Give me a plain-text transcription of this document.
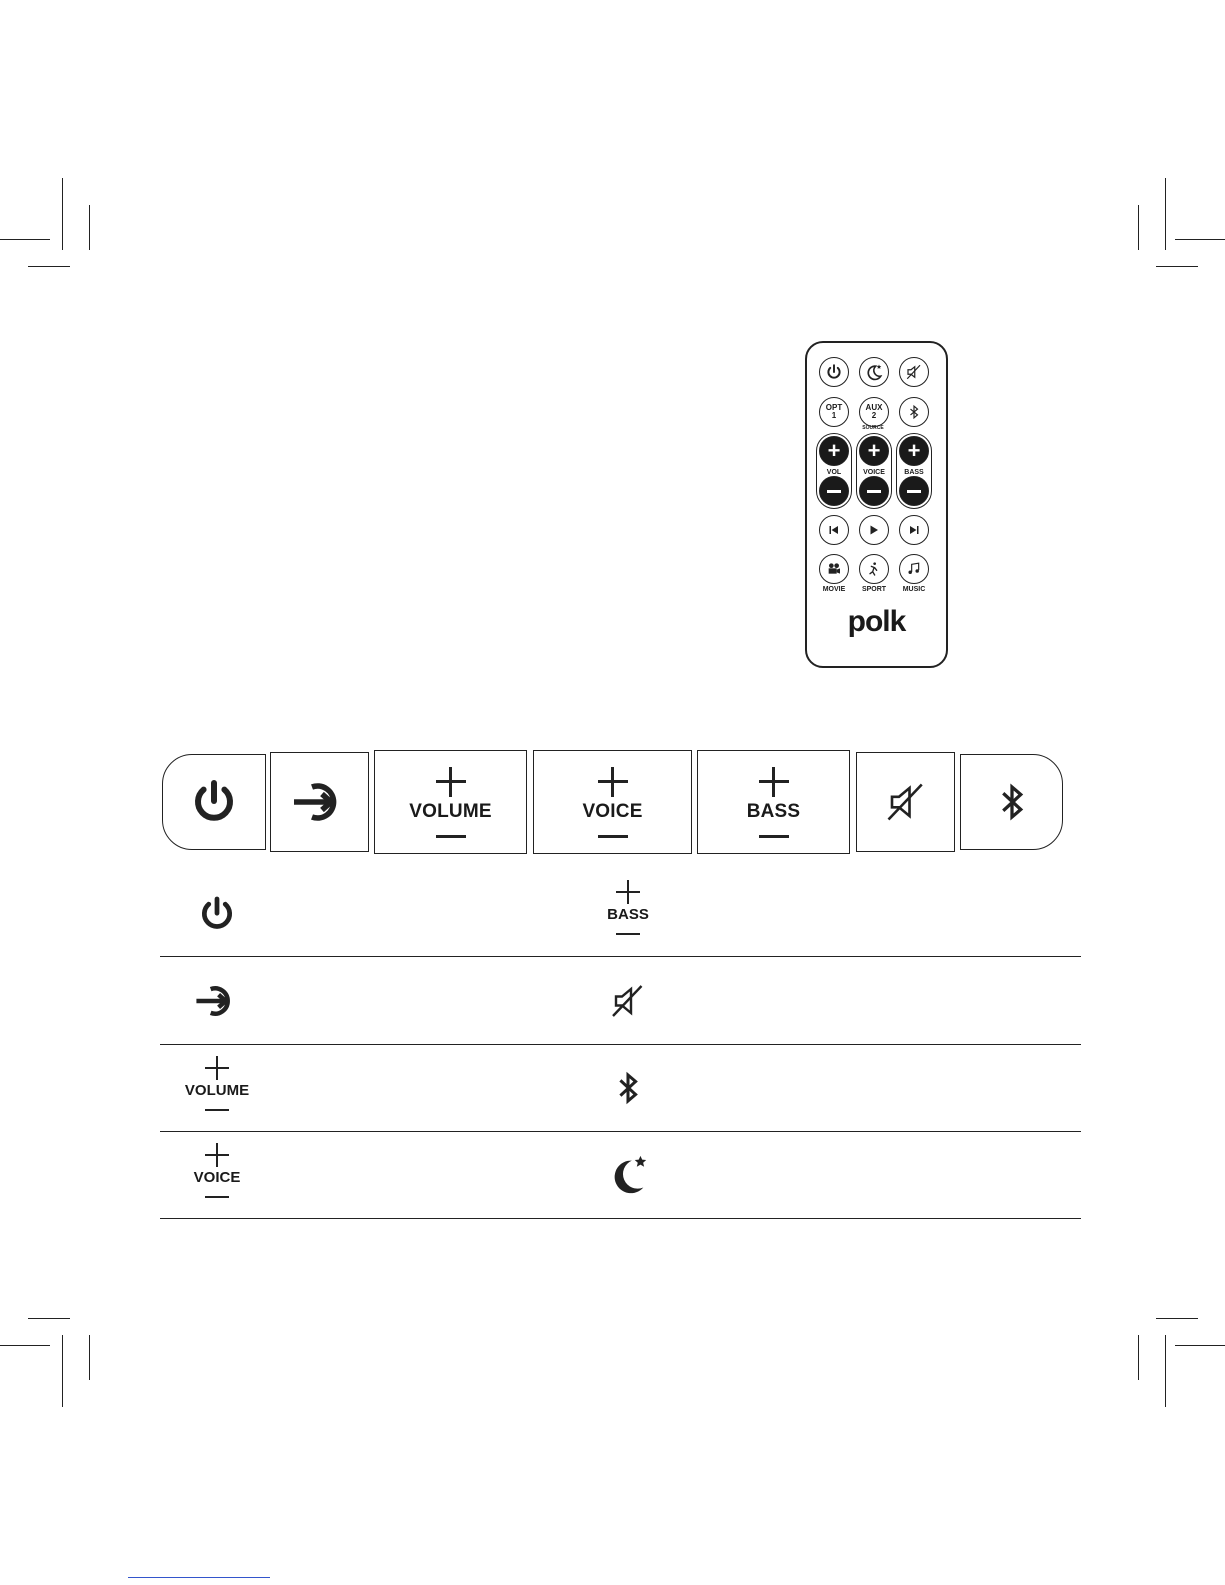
OPT
1
AUX
2
SOURCE
+ + +
VOL	VOICE	BASS
MOVIE	SPORT	MUSIC
polk
VOLUME	VOICE	BASS
VOLUME
VOICE
BASS
